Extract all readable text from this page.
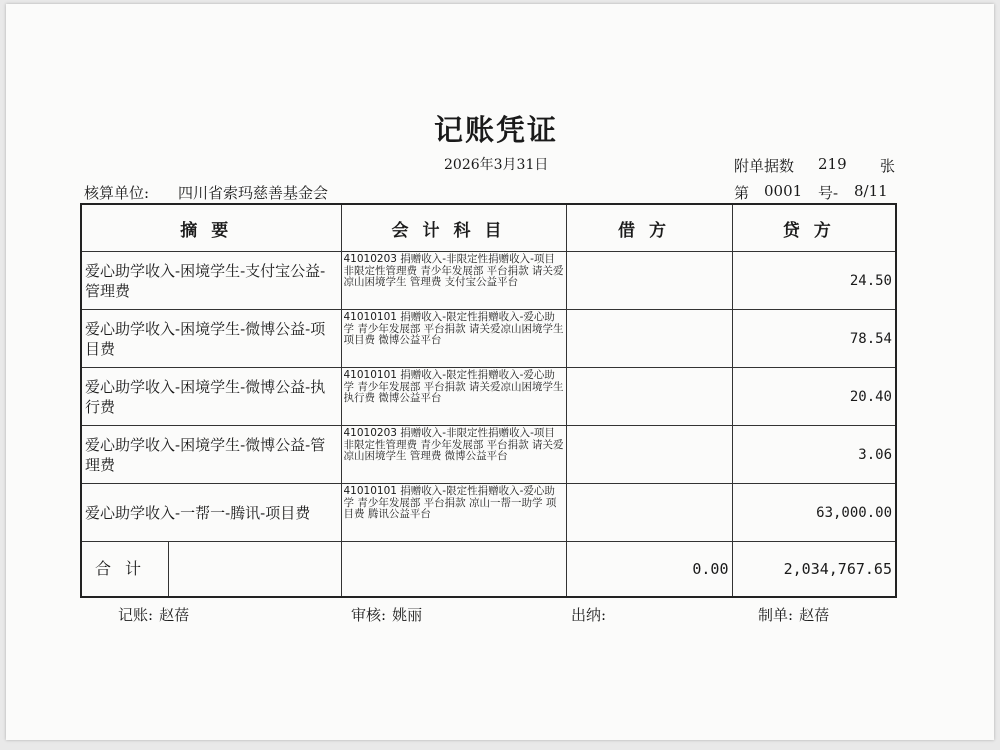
记账凭证
2026年3月31日	附单据数 219 张
核算单位: 四川省索玛慈善基金会	第 0001 号- 8/11
摘要	会计科目	借方	贷方
爱心助学收入-困境学生-支付宝公益-管理费	41010203 捐赠收入-非限定性捐赠收入-项目非限定性管理费 青少年发展部 平台捐款 请关爱凉山困境学生 管理费 支付宝公益平台		24.50
爱心助学收入-困境学生-微博公益-项目费	41010101 捐赠收入-限定性捐赠收入-爱心助学 青少年发展部 平台捐款 请关爱凉山困境学生 项目费 微博公益平台		78.54
爱心助学收入-困境学生-微博公益-执行费	41010101 捐赠收入-限定性捐赠收入-爱心助学 青少年发展部 平台捐款 请关爱凉山困境学生 执行费 微博公益平台		20.40
爱心助学收入-困境学生-微博公益-管理费	41010203 捐赠收入-非限定性捐赠收入-项目非限定性管理费 青少年发展部 平台捐款 请关爱凉山困境学生 管理费 微博公益平台		3.06
爱心助学收入-一帮一-腾讯-项目费	41010101 捐赠收入-限定性捐赠收入-爱心助学 青少年发展部 平台捐款 凉山一帮一助学 项目费 腾讯公益平台		63,000.00

合计		0.00	2,034,767.65
记账: 赵蓓	审核: 姚丽	出纳:	制单: 赵蓓
